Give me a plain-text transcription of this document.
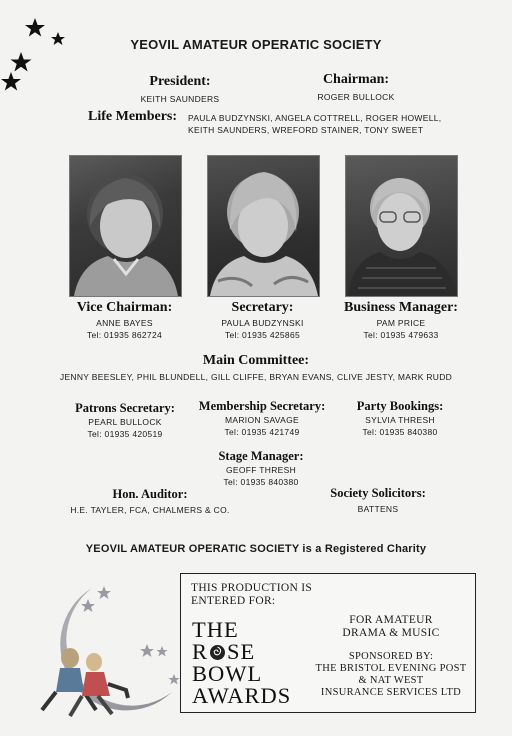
YEOVIL AMATEUR OPERATIC SOCIETY
President:
KEITH SAUNDERS
Chairman:
ROGER BULLOCK
Life Members: PAULA BUDZYNSKI, ANGELA COTTRELL, ROGER HOWELL,
KEITH SAUNDERS, WREFORD STAINER, TONY SWEET
Vice Chairman:
ANNE BAYES
Tel: 01935 862724
Secretary:
PAULA BUDZYNSKI
Tel: 01935 425865
Business Manager:
PAM PRICE
Tel: 01935 479633
Main Committee:
JENNY BEESLEY, PHIL BLUNDELL, GILL CLIFFE, BRYAN EVANS, CLIVE JESTY, MARK RUDD
Patrons Secretary:
PEARL BULLOCK
Tel: 01935 420519
Membership Secretary:
MARION SAVAGE
Tel: 01935 421749
Party Bookings:
SYLVIA THRESH
Tel: 01935 840380
Stage Manager:
GEOFF THRESH
Tel: 01935 840380
Hon. Auditor:
H.E. TAYLER, FCA, CHALMERS & CO.
Society Solicitors:
BATTENS
YEOVIL AMATEUR OPERATIC SOCIETY is a Registered Charity
THIS PRODUCTION IS
ENTERED FOR:
THE
R SE
BOWL
AWARDS
FOR AMATEUR
DRAMA & MUSIC
SPONSORED BY:
THE BRISTOL EVENING POST
& NAT WEST
INSURANCE SERVICES LTD
